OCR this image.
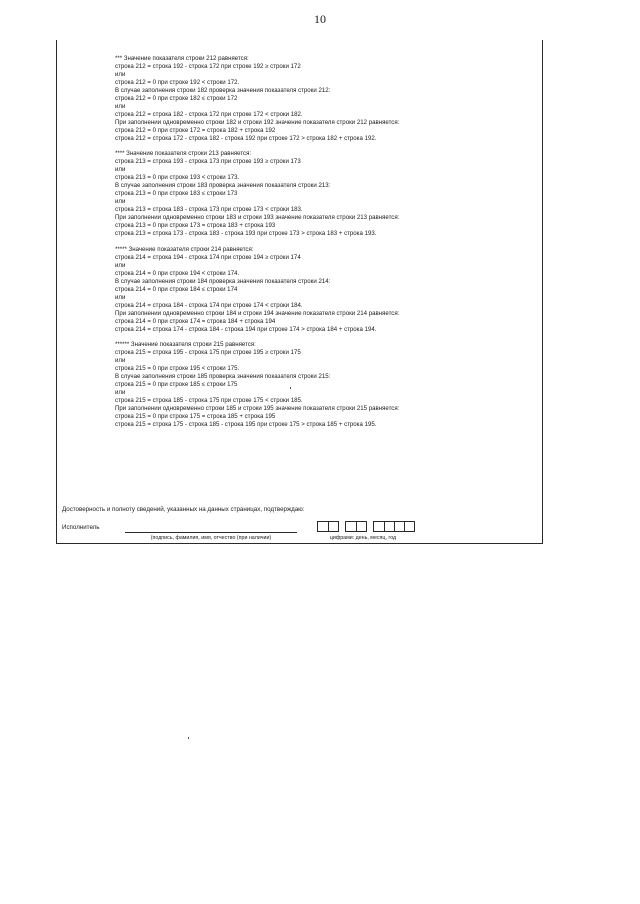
10
*** Значение показателя строки 212 равняется:
строка 212 = строка 192 - строка 172 при строке 192 ≥ строки 172
или
строка 212 = 0 при строке 192 < строки 172.
В случае заполнения строки 182 проверка значения показателя строки 212:
строка 212 = 0 при строке 182 ≤ строки 172
или
строка 212 = строка 182 - строка 172 при строке 172 < строки 182.
При заполнении одновременно строки 182 и строки 192 значение показателя строки 212 равняется:
строка 212 = 0 при строке 172 = строка 182 + строка 192
строка 212 = строка 172 - строка 182 - строка 192 при строке 172 > строка 182 + строка 192.
**** Значение показателя строки 213 равняется:
строка 213 = строка 193 - строка 173 при строке 193 ≥ строки 173
или
строка 213 = 0 при строке 193 < строки 173.
В случае заполнения строки 183 проверка значения показателя строки 213:
строка 213 = 0 при строке 183 ≤ строки 173
или
строка 213 = строка 183 - строка 173 при строке 173 < строки 183.
При заполнении одновременно строки 183 и строки 193 значение показателя строки 213 равняется:
строка 213 = 0 при строке 173 = строка 183 + строка 193
строка 213 = строка 173 - строка 183 - строка 193 при строке 173 > строка 183 + строка 193.
***** Значение показателя строки 214 равняется:
строка 214 = строка 194 - строка 174 при строке 194 ≥ строки 174
или
строка 214 = 0 при строке 194 < строки 174.
В случае заполнения строки 184 проверка значения показателя строки 214:
строка 214 = 0 при строке 184 ≤ строки 174
или
строка 214 = строка 184 - строка 174 при строке 174 < строки 184.
При заполнении одновременно строки 184 и строки 194 значение показателя строки 214 равняется:
строка 214 = 0 при строке 174 = строка 184 + строка 194
строка 214 = строка 174 - строка 184 - строка 194 при строке 174 > строка 184 + строка 194.
****** Значение показателя строки 215 равняется:
строка 215 = строка 195 - строка 175 при строке 195 ≥ строки 175
или
строка 215 = 0 при строке 195 < строки 175.
В случае заполнения строки 185 проверка значения показателя строки 215:
строка 215 = 0 при строке 185 ≤ строки 175
или
строка 215 = строка 185 - строка 175 при строке 175 < строки 185.
При заполнении одновременно строки 185 и строки 195 значение показателя строки 215 равняется:
строка 215 = 0 при строке 175 = строка 185 + строка 195
строка 215 = строка 175 - строка 185 - строка 195 при строке 175 > строка 185 + строка 195.
Достоверность и полноту сведений, указанных на данных страницах, подтверждаю:
Исполнитель
(подпись, фамилия, имя, отчество (при наличии)	цифрами: день, месяц, год
